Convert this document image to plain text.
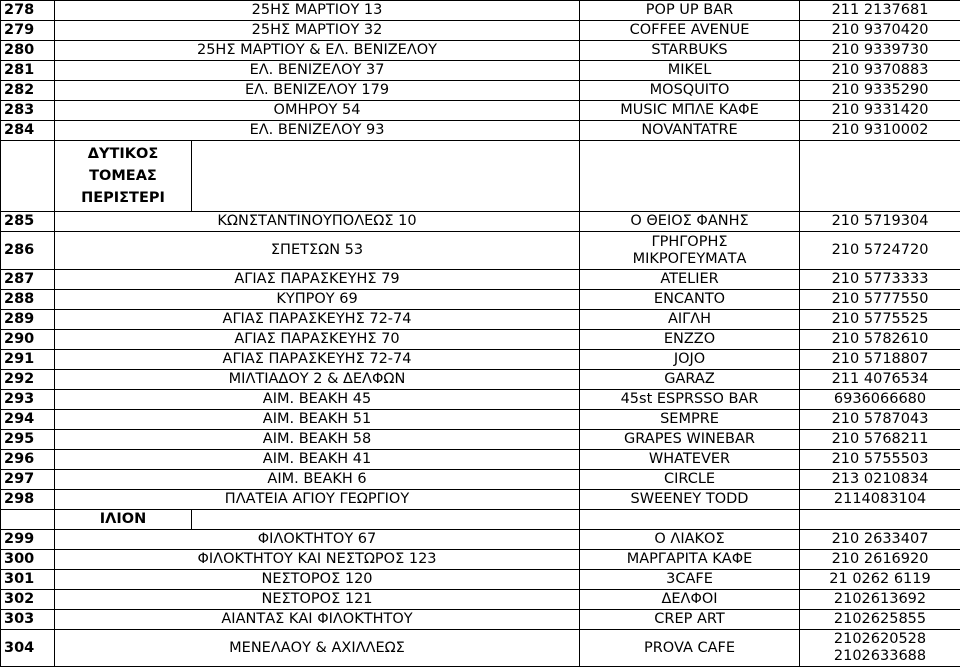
278	25ΗΣ ΜΑΡΤΙΟΥ 13		POP UP BAR	211 2137681
279	25ΗΣ ΜΑΡΤΙΟΥ 32		COFFEE AVENUE	210 9370420
280	25ΗΣ ΜΑΡΤΙΟΥ & ΕΛ. ΒΕΝΙΖΕΛΟΥ		STARBUKS	210 9339730
281	ΕΛ. ΒΕΝΙΖΕΛΟΥ 37		MIKEL	210 9370883
282	ΕΛ. ΒΕΝΙΖΕΛΟΥ 179		MOSQUITO	210 9335290
283	ΟΜΗΡΟΥ 54		MUSIC ΜΠΛΕ ΚΑΦΕ	210 9331420
284	ΕΛ. ΒΕΝΙΖΕΛΟΥ 93		NOVANTATRE	210 9310002

	ΔΥΤΙΚΟΣ
ΤΟΜΕΑΣ
ΠΕΡΙΣΤΕΡΙ			

285	ΚΩΝΣΤΑΝΤΙΝΟΥΠΟΛΕΩΣ 10		Ο ΘΕΙΟΣ ΦΑΝΗΣ	210 5719304
286	ΣΠΕΤΣΩΝ 53		ΓΡΗΓΟΡΗΣ
ΜΙΚΡΟΓΕΥΜΑΤΑ	210 5724720
287	ΑΓΙΑΣ ΠΑΡΑΣΚΕΥΗΣ 79		ATELIER	210 5773333
288	ΚΥΠΡΟΥ 69		ENCANTO	210 5777550
289	ΑΓΙΑΣ ΠΑΡΑΣΚΕΥΗΣ 72-74		ΑΙΓΛΗ	210 5775525
290	ΑΓΙΑΣ ΠΑΡΑΣΚΕΥΗΣ 70		ENZZO	210 5782610
291	ΑΓΙΑΣ ΠΑΡΑΣΚΕΥΗΣ 72-74		JOJO	210 5718807
292	ΜΙΛΤΙΑΔΟΥ 2 & ΔΕΛΦΩΝ		GARAZ	211 4076534
293	ΑΙΜ. ΒΕΑΚΗ 45		45st ESPRSSO BAR	6936066680
294	ΑΙΜ. ΒΕΑΚΗ 51		SEMPRE	210 5787043
295	ΑΙΜ. ΒΕΑΚΗ 58		GRAPES WINEBAR	210 5768211
296	ΑΙΜ. ΒΕΑΚΗ 41		WHATEVER	210 5755503
297	ΑΙΜ. ΒΕΑΚΗ 6		CIRCLE	213 0210834
298	ΠΛΑΤΕΙΑ ΑΓΙΟΥ ΓΕΩΡΓΙΟΥ		SWEENEY TODD	2114083104
	ΙΛΙΟΝ			
299	ΦΙΛΟΚΤΗΤΟΥ 67		Ο ΛΙΑΚΟΣ	210 2633407
300	ΦΙΛΟΚΤΗΤΟΥ ΚΑΙ ΝΕΣΤΩΡΟΣ 123		ΜΑΡΓΑΡΙΤΑ ΚΑΦΕ	210 2616920
301	ΝΕΣΤΟΡΟΣ 120		3CAFE	21 0262 6119
302	ΝΕΣΤΟΡΟΣ 121		ΔΕΛΦΟΙ	2102613692
303	ΑΙΑΝΤΑΣ ΚΑΙ ΦΙΛΟΚΤΗΤΟΥ		CREP ART	2102625855
304	ΜΕΝΕΛΑΟΥ & ΑΧΙΛΛΕΩΣ		PROVA CAFE	2102620528
2102633688
